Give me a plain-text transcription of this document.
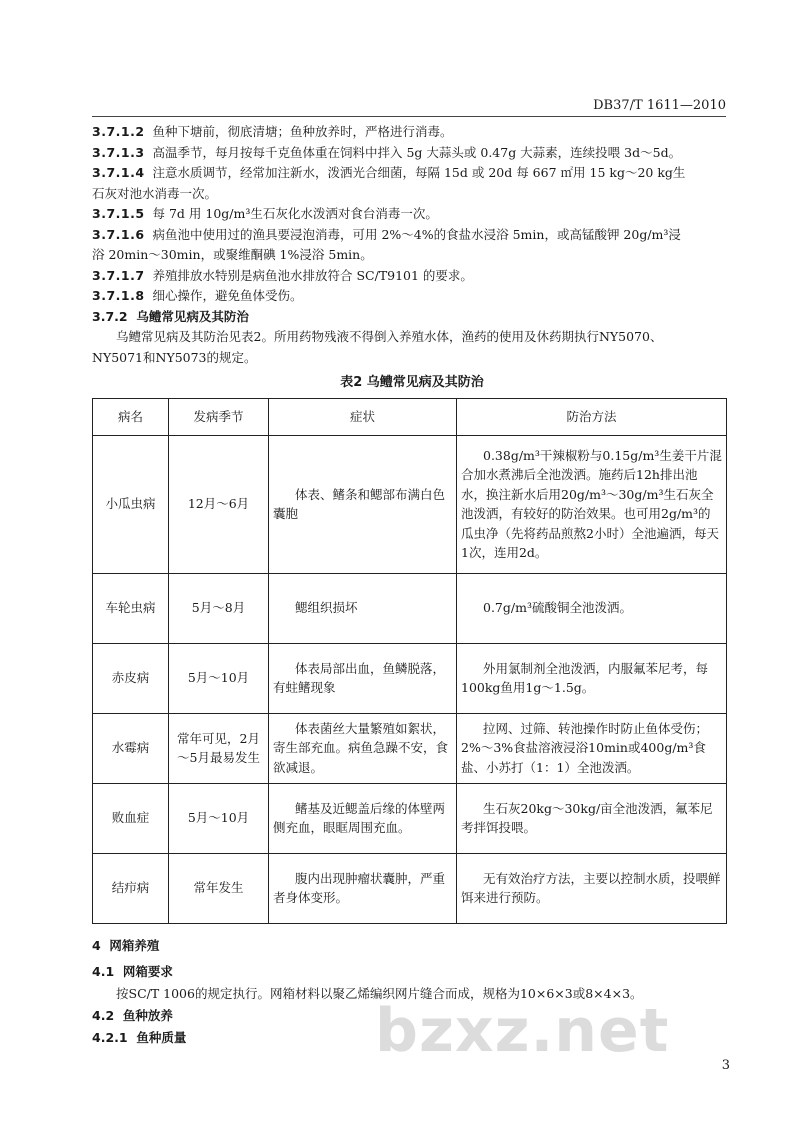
DB37/T 1611—2010

3.7.1.2 鱼种下塘前，彻底清塘；鱼种放养时，严格进行消毒。

3.7.1.3 高温季节，每月按每千克鱼体重在饲料中拌入 5g 大蒜头或 0.47g 大蒜素，连续投喂 3d～5d。

3.7.1.4 注意水质调节，经常加注新水，泼洒光合细菌，每隔 15d 或 20d 每 667 ㎡用 15 kg～20 kg生

石灰对池水消毒一次。

3.7.1.5 每 7d 用 10g/m³生石灰化水泼洒对食台消毒一次。

3.7.1.6 病鱼池中使用过的渔具要浸泡消毒，可用 2%～4%的食盐水浸浴 5min，或高锰酸钾 20g/m³浸

浴 20min～30min，或聚维酮碘 1%浸浴 5min。

3.7.1.7 养殖排放水特别是病鱼池水排放符合 SC/T9101 的要求。

3.7.1.8 细心操作，避免鱼体受伤。

3.7.2 乌鳢常见病及其防治

乌鳢常见病及其防治见表2。所用药物残液不得倒入养殖水体，渔药的使用及休药期执行NY5070、

NY5071和NY5073的规定。

表2 乌鳢常见病及其防治
病名	发病季节	症状	防治方法
小瓜虫病	12月～6月	体表、鳍条和鳃部布满白色囊胞	0.38g/m³干辣椒粉与0.15g/m³生姜干片混合加水煮沸后全池泼洒。施药后12h排出池水，换注新水后用20g/m³～30g/m³生石灰全池泼洒，有较好的防治效果。也可用2g/m³的瓜虫净（先将药品煎熬2小时）全池遍洒，每天1次，连用2d。
车轮虫病	5月～8月	鳃组织损坏	0.7g/m³硫酸铜全池泼洒。
赤皮病	5月～10月	体表局部出血，鱼鳞脱落，有蛀鳍现象	外用氯制剂全池泼洒，内服氟苯尼考，每100kg鱼用1g～1.5g。
水霉病	常年可见，2月～5月最易发生	体表菌丝大量繁殖如絮状，寄生部充血。病鱼急躁不安，食欲减退。	拉网、过筛、转池操作时防止鱼体受伤；2%～3%食盐溶液浸浴10min或400g/m³食盐、小苏打（1：1）全池泼洒。
败血症	5月～10月	鳍基及近鳃盖后缘的体壁两侧充血，眼眶周围充血。	生石灰20kg～30kg/亩全池泼洒，氟苯尼考拌饵投喂。
结疖病	常年发生	腹内出现肿瘤状囊肿，严重者身体变形。	无有效治疗方法，主要以控制水质，投喂鲜饵来进行预防。

4 网箱养殖

4.1 网箱要求

按SC/T 1006的规定执行。网箱材料以聚乙烯编织网片缝合而成，规格为10×6×3或8×4×3。

4.2 鱼种放养

4.2.1 鱼种质量	bzxz.net	3
